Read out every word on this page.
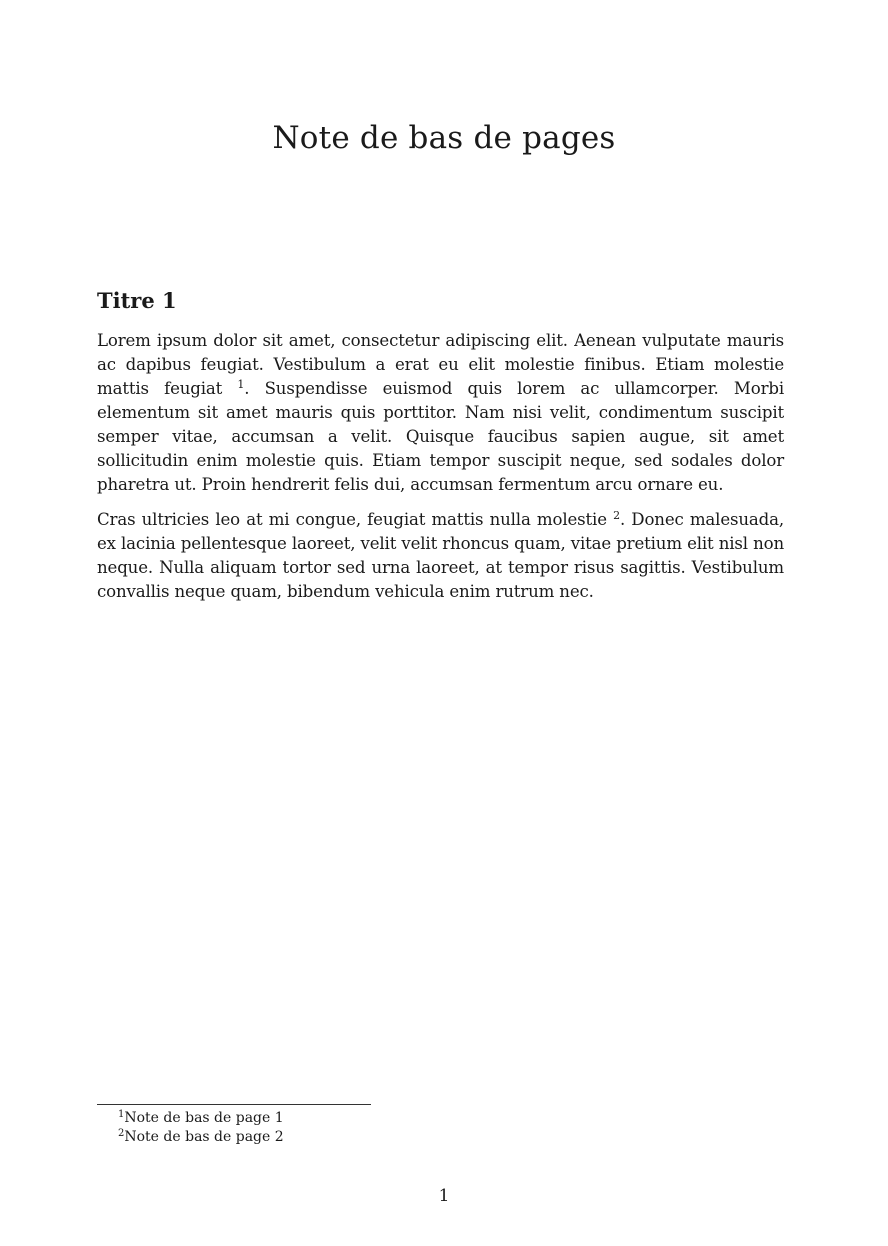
Note de bas de pages
Titre 1

Lorem ipsum dolor sit amet, consectetur adipiscing elit. Aenean vulputate mauris ac dapibus feugiat. Vestibulum a erat eu elit molestie finibus. Etiam molestie mattis feugiat $^1$. Suspendisse euismod quis lorem ac ullamcorper. Morbi elementum sit amet mauris quis porttitor. Nam nisi velit, condimentum suscipit semper vitae, accumsan a velit. Quisque faucibus sapien augue, sit amet sollicitudin enim molestie quis. Etiam tempor suscipit neque, sed sodales dolor pharetra ut. Proin hendrerit felis dui, accumsan fermentum arcu ornare eu.

Cras ultricies leo at mi congue, feugiat mattis nulla molestie $^2$. Donec malesuada, ex lacinia pellentesque laoreet, velit velit rhoncus quam, vitae pretium elit nisl non neque. Nulla aliquam tortor sed urna laoreet, at tempor risus sagittis. Vestibulum convallis neque quam, bibendum vehicula enim rutrum nec.

$^1$Note de bas de page 1
$^2$Note de bas de page 2
1
